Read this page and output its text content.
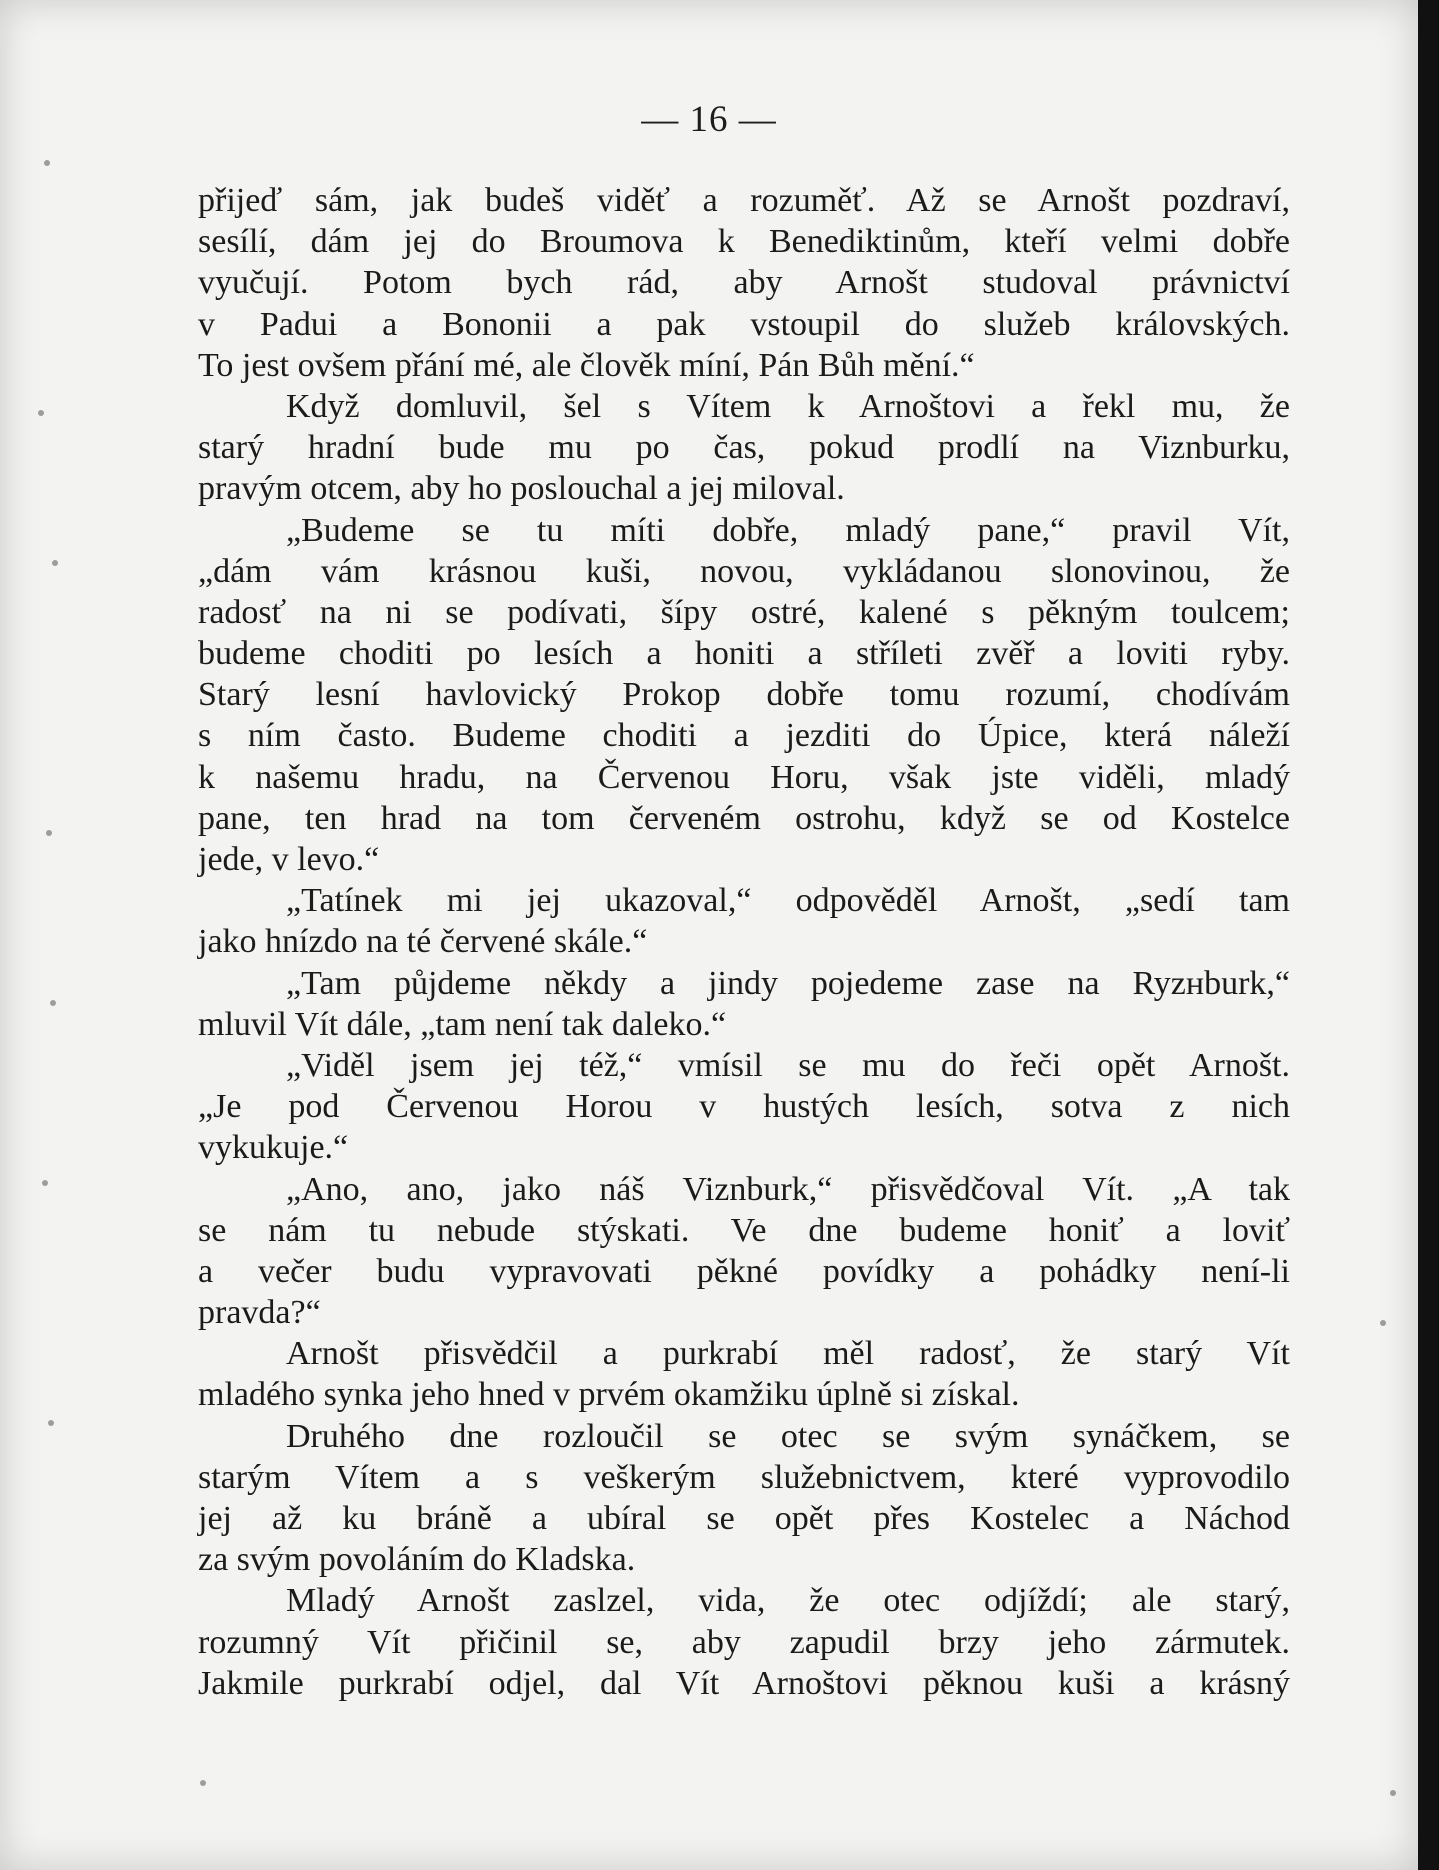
— 16 —
přijeď sám, jak budeš viděť a rozuměť. Až se Arnošt pozdraví,
sesílí, dám jej do Broumova k Benediktinům, kteří velmi dobře
vyučují. Potom bych rád, aby Arnošt studoval právnictví
v Padui a Bononii a pak vstoupil do služeb královských.
To jest ovšem přání mé, ale člověk míní, Pán Bůh mění.“
Když domluvil, šel s Vítem k Arnoštovi a řekl mu, že
starý hradní bude mu po čas, pokud prodlí na Viznburku,
pravým otcem, aby ho poslouchal a jej miloval.
„Budeme se tu míti dobře, mladý pane,“ pravil Vít,
„dám vám krásnou kuši, novou, vykládanou slonovinou, že
radosť na ni se podívati, šípy ostré, kalené s pěkným toulcem;
budeme choditi po lesích a honiti a stříleti zvěř a loviti ryby.
Starý lesní havlovický Prokop dobře tomu rozumí, chodívám
s ním často. Budeme choditi a jezditi do Úpice, která náleží
k našemu hradu, na Červenou Horu, však jste viděli, mladý
pane, ten hrad na tom červeném ostrohu, když se od Kostelce
jede, v levo.“
„Tatínek mi jej ukazoval,“ odpověděl Arnošt, „sedí tam
jako hnízdo na té červené skále.“
„Tam půjdeme někdy a jindy pojedeme zase na Ryzнburk,“
mluvil Vít dále, „tam není tak daleko.“
„Viděl jsem jej též,“ vmísil se mu do řeči opět Arnošt.
„Je pod Červenou Horou v hustých lesích, sotva z nich
vykukuje.“
„Ano, ano, jako náš Viznburk,“ přisvědčoval Vít. „A tak
se nám tu nebude stýskati. Ve dne budeme honiť a loviť
a večer budu vypravovati pěkné povídky a pohádky není-li
pravda?“
Arnošt přisvědčil a purkrabí měl radosť, že starý Vít
mladého synka jeho hned v prvém okamžiku úplně si získal.
Druhého dne rozloučil se otec se svým synáčkem, se
starým Vítem a s veškerým služebnictvem, které vyprovodilo
jej až ku bráně a ubíral se opět přes Kostelec a Náchod
za svým povoláním do Kladska.
Mladý Arnošt zaslzel, vida, že otec odjíždí; ale starý,
rozumný Vít přičinil se, aby zapudil brzy jeho zármutek.
Jakmile purkrabí odjel, dal Vít Arnoštovi pěknou kuši a krásný
